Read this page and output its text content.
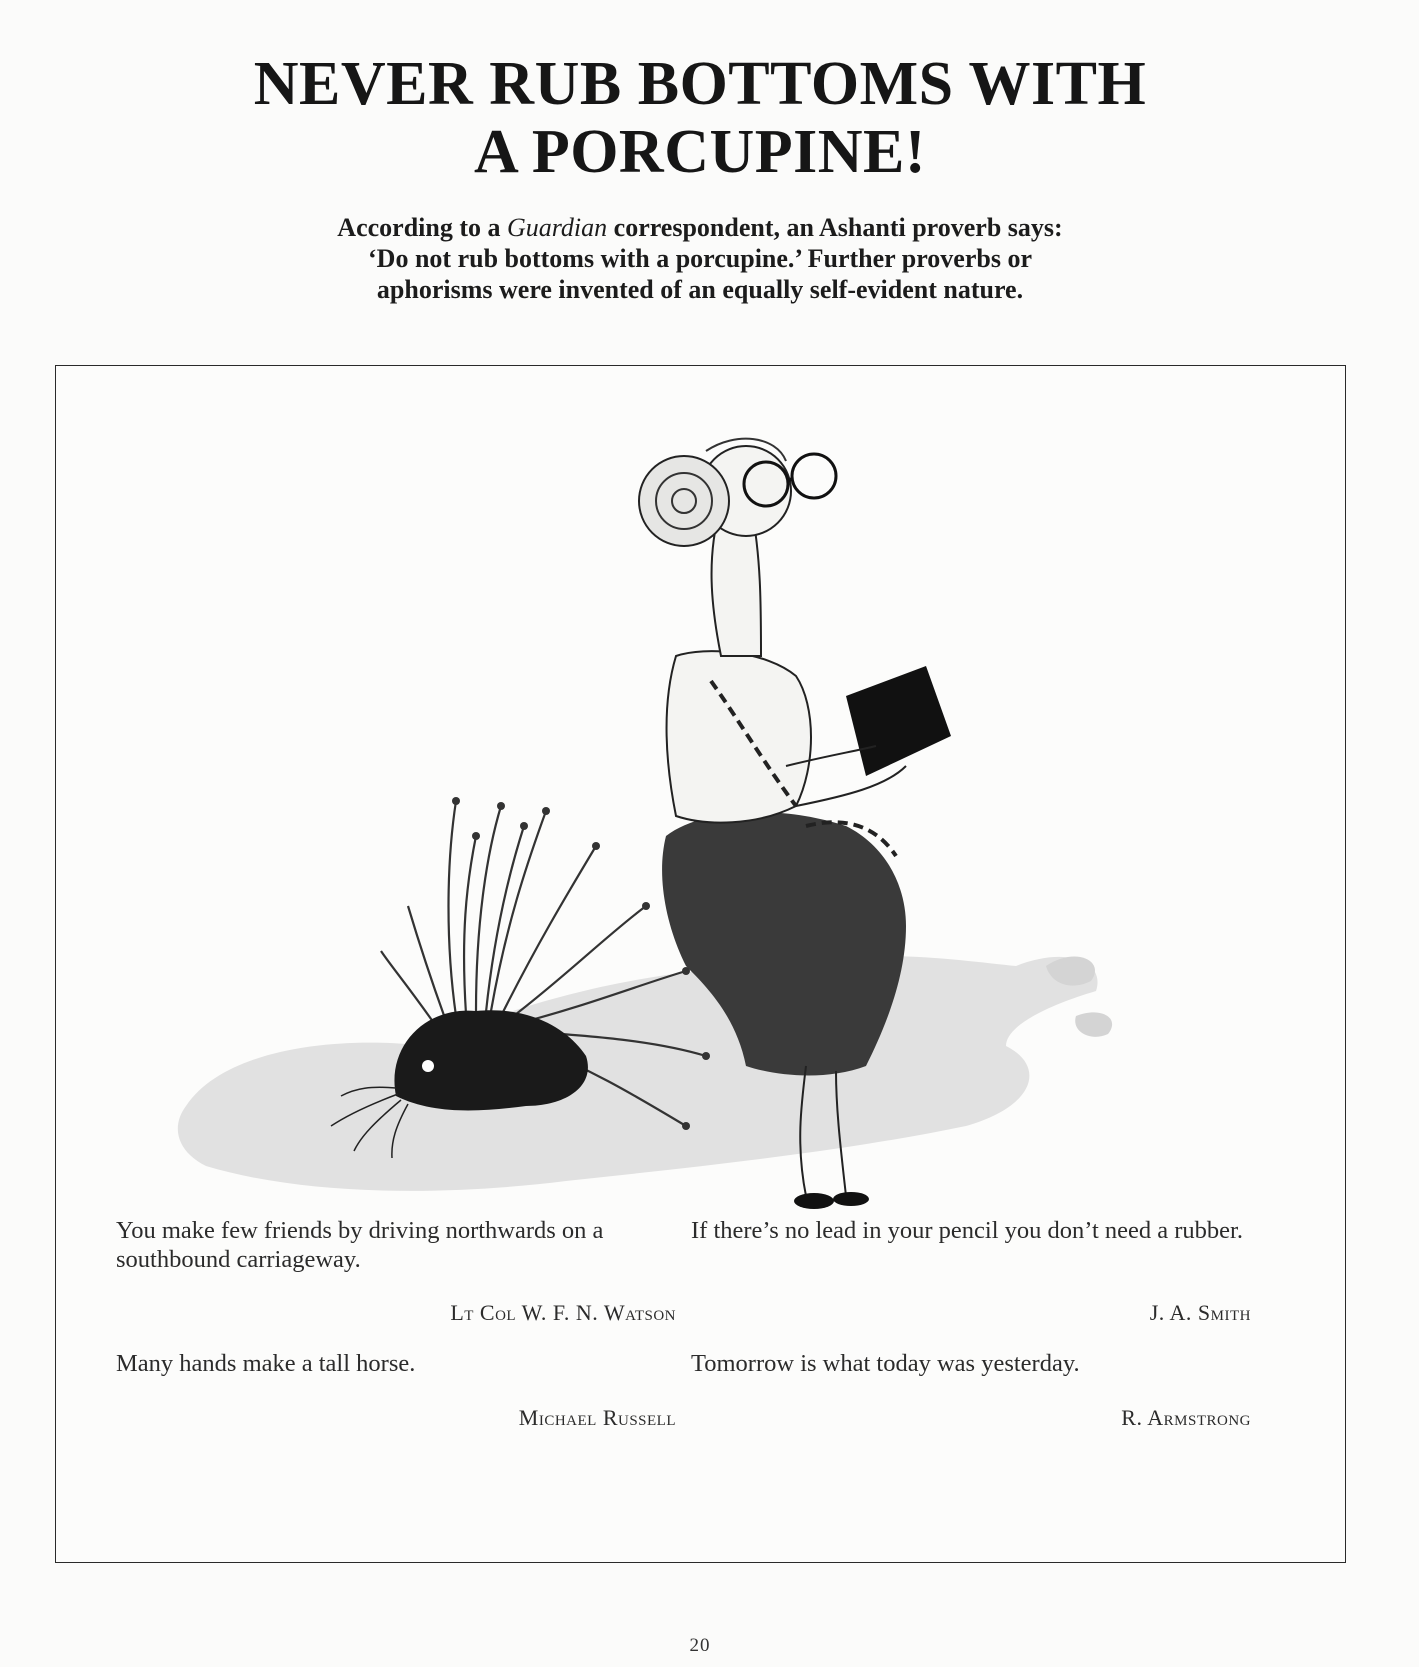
NEVER RUB BOTTOMS WITH
A PORCUPINE!

According to a Guardian correspondent, an Ashanti proverb says:
‘Do not rub bottoms with a porcupine.’ Further proverbs or
aphorisms were invented of an equally self-evident nature.

You make few friends by driving northwards on a southbound carriageway.

Lt Col W. F. N. Watson

If there’s no lead in your pencil you don’t need a rubber.

J. A. Smith

Many hands make a tall horse.

Michael Russell

Tomorrow is what today was yesterday.

R. Armstrong
20
